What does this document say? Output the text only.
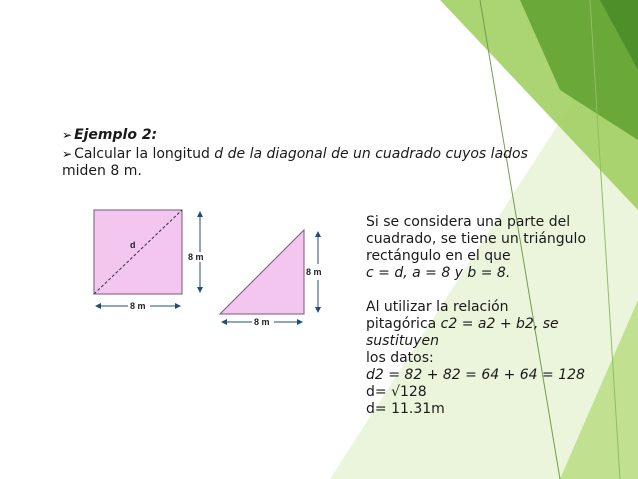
➢ Ejemplo 2:
➢ Calcular la longitud d de la diagonal de un cuadrado cuyos lados
miden 8 m.
d
8 m
8 m
8 m
8 m
Si se considera una parte del
cuadrado, se tiene un triángulo
rectángulo en el que
c = d, a = 8 y b = 8.
Al utilizar la relación
pitagórica c2 = a2 + b2, se
sustituyen
los datos:
d2 = 82 + 82 = 64 + 64 = 128
d= √128
d= 11.31m
